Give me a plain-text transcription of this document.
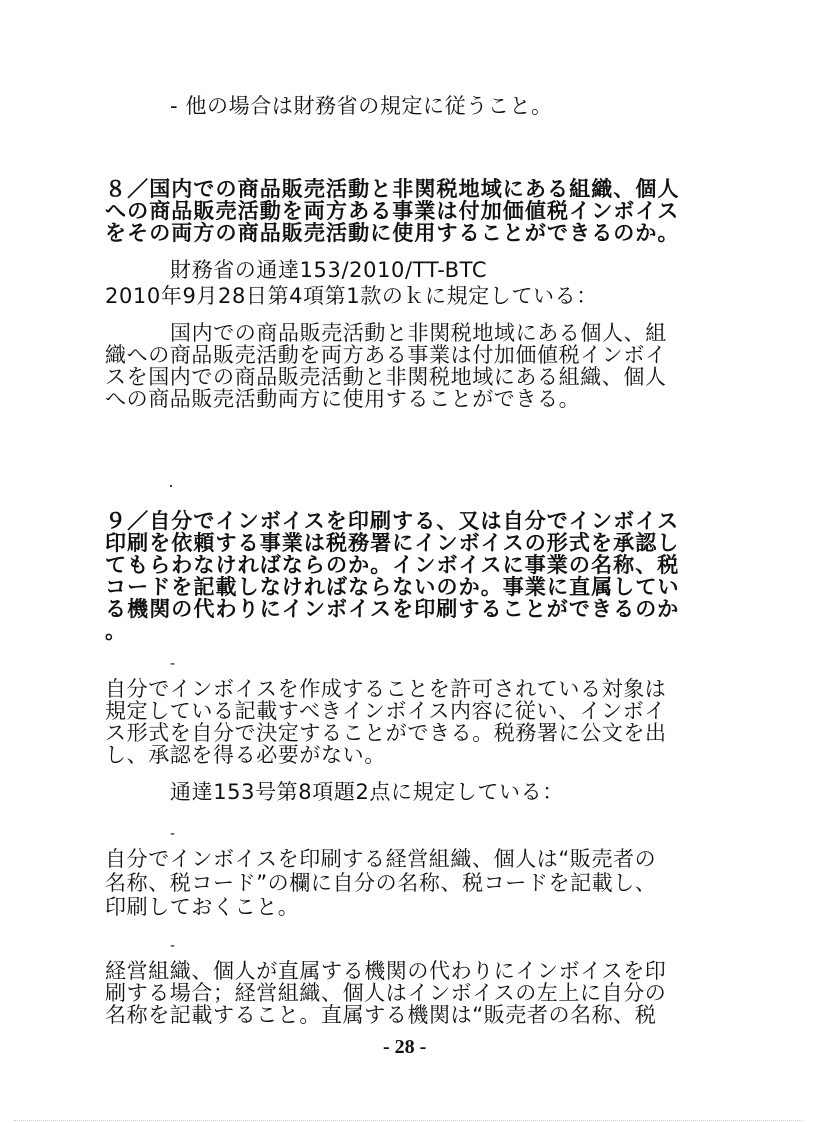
- 他の場合は財務省の規定に従うこと。

８／国内での商品販売活動と非関税地域にある組織、個人

への商品販売活動を両方ある事業は付加価値税インボイス

をその両方の商品販売活動に使用することができるのか。

財務省の通達153/2010/TT-BTC

2010年9月28日第4項第1款のｋに規定している：

国内での商品販売活動と非関税地域にある個人、組

織への商品販売活動を両方ある事業は付加価値税インボイ

スを国内での商品販売活動と非関税地域にある組織、個人

への商品販売活動両方に使用することができる。

９／自分でインボイスを印刷する、又は自分でインボイス

印刷を依頼する事業は税務署にインボイスの形式を承認し

てもらわなければならのか。インボイスに事業の名称、税

コードを記載しなければならないのか。事業に直属してい

る機関の代わりにインボイスを印刷することができるのか

。

-

自分でインボイスを作成することを許可されている対象は

規定している記載すべきインボイス内容に従い、インボイ

ス形式を自分で決定することができる。税務署に公文を出

し、承認を得る必要がない。

通達153号第8項題2点に規定している：

-

自分でインボイスを印刷する経営組織、個人は“販売者の

名称、税コード”の欄に自分の名称、税コードを記載し、

印刷しておくこと。

-

経営組織、個人が直属する機関の代わりにインボイスを印

刷する場合；経営組織、個人はインボイスの左上に自分の

名称を記載すること。直属する機関は“販売者の名称、税

- 28 -
